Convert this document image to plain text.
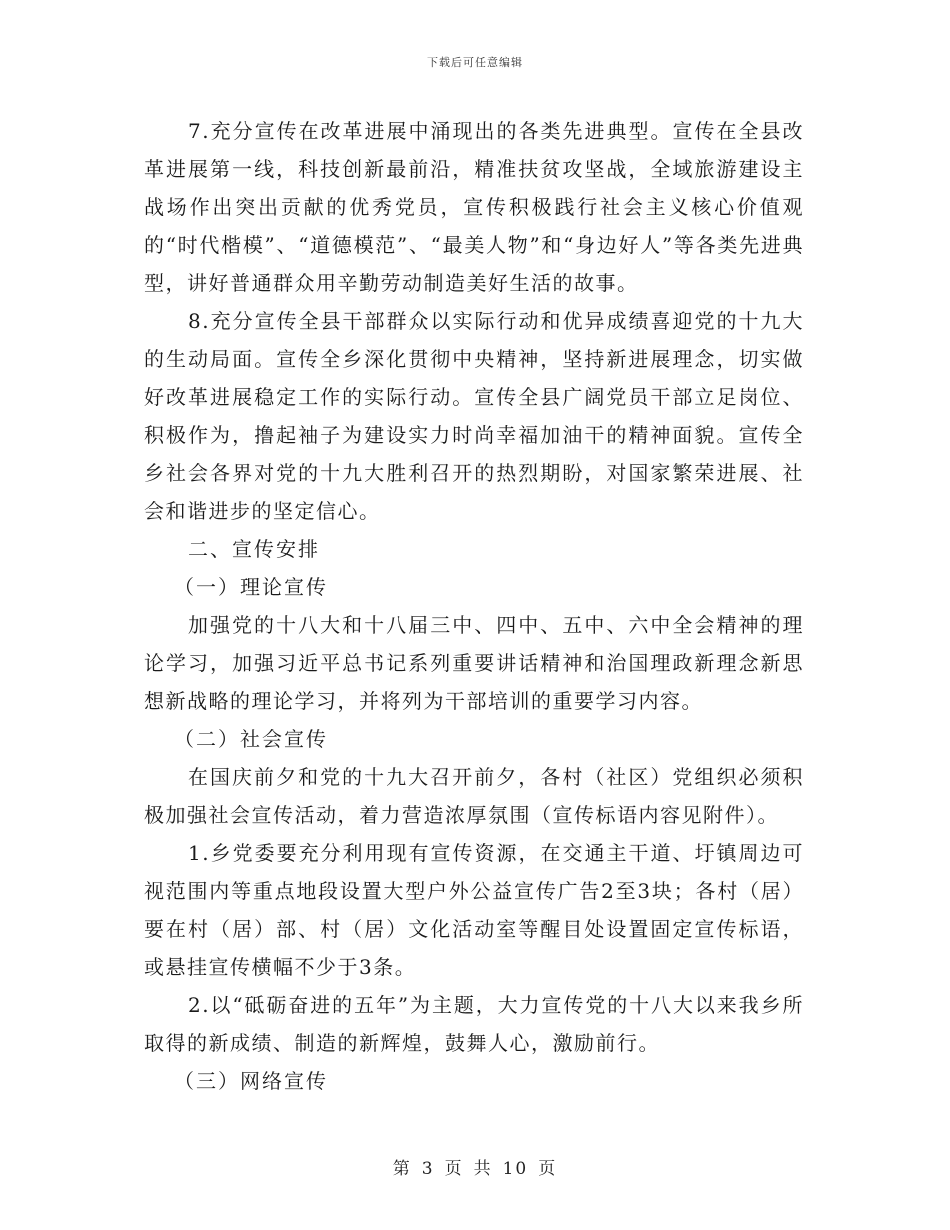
下载后可任意编辑

7.充分宣传在改革进展中涌现出的各类先进典型。宣传在全县改革进展第一线，科技创新最前沿，精准扶贫攻坚战，全域旅游建设主战场作出突出贡献的优秀党员，宣传积极践行社会主义核心价值观的“时代楷模”、“道德模范”、“最美人物”和“身边好人”等各类先进典型，讲好普通群众用辛勤劳动制造美好生活的故事。

8.充分宣传全县干部群众以实际行动和优异成绩喜迎党的十九大的生动局面。宣传全乡深化贯彻中央精神，坚持新进展理念，切实做好改革进展稳定工作的实际行动。宣传全县广阔党员干部立足岗位、积极作为，撸起袖子为建设实力时尚幸福加油干的精神面貌。宣传全乡社会各界对党的十九大胜利召开的热烈期盼，对国家繁荣进展、社会和谐进步的坚定信心。

二、宣传安排

（一）理论宣传

加强党的十八大和十八届三中、四中、五中、六中全会精神的理论学习，加强习近平总书记系列重要讲话精神和治国理政新理念新思想新战略的理论学习，并将列为干部培训的重要学习内容。

（二）社会宣传

在国庆前夕和党的十九大召开前夕，各村（社区）党组织必须积极加强社会宣传活动，着力营造浓厚氛围（宣传标语内容见附件）。

1.乡党委要充分利用现有宣传资源，在交通主干道、圩镇周边可视范围内等重点地段设置大型户外公益宣传广告2至3块；各村（居）要在村（居）部、村（居）文化活动室等醒目处设置固定宣传标语，或悬挂宣传横幅不少于3条。

2.以“砥砺奋进的五年”为主题，大力宣传党的十八大以来我乡所取得的新成绩、制造的新辉煌，鼓舞人心，激励前行。

（三）网络宣传

第 3 页 共 10 页
